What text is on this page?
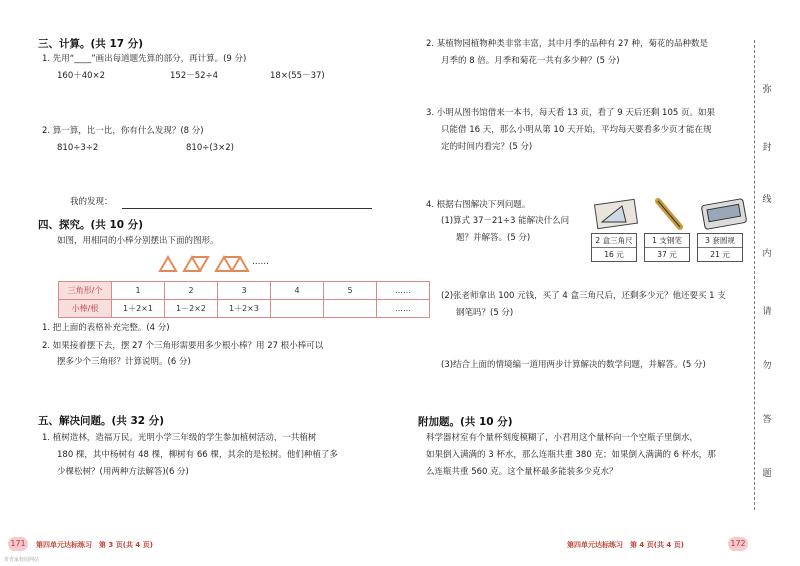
三、计算。(共 17 分)
1. 先用“____”画出每道题先算的部分，再计算。(9 分)
160＋40×2	152－52÷4	18×(55－37)
2. 算一算，比一比，你有什么发现？(8 分)
810÷3÷2	810÷(3×2)
我的发现：
四、探究。(共 10 分)
如图，用相同的小棒分别摆出下面的图形。
……
三角形/个	1	2	3	4	5	……
小棒/根	1＋2×1	1－2×2	1＋2×3			……
1. 把上面的表格补充完整。(4 分)
2. 如果接着摆下去，摆 27 个三角形需要用多少根小棒？用 27 根小棒可以
摆多少个三角形？计算说明。(6 分)
五、解决问题。(共 32 分)
1. 植树造林，造福万民。光明小学三年级的学生参加植树活动，一共植树
180 棵，其中杨树有 48 棵，柳树有 66 棵，其余的是松树。他们种植了多
少棵松树？(用两种方法解答)(6 分)
171	第四单元达标练习　第 3 页(共 4 页)
青青家校园网站
2. 某植物园植物种类非常丰富，其中月季的品种有 27 种，菊花的品种数是
月季的 8 倍。月季和菊花一共有多少种？(5 分)
3. 小明从图书馆借来一本书，每天看 13 页，看了 9 天后还剩 105 页。如果
只能借 16 天，那么小明从第 10 天开始，平均每天要看多少页才能在规
定的时间内看完？(5 分)
4. 根据右图解决下列问题。
(1)算式 37－21÷3 能解决什么问
题？并解答。(5 分)	2 盒三角尺
16 元
1 支钢笔
37 元
3 套圆规
21 元
(2)张老师拿出 100 元钱，买了 4 盒三角尺后，还剩多少元？他还要买 1 支
钢笔吗？(5 分)
(3)结合上面的情境编一道用两步计算解决的数学问题，并解答。(5 分)
附加题。(共 10 分)
科学器材室有个量杯刻度模糊了，小君用这个量杯向一个空瓶子里倒水，
如果倒入满满的 3 杯水，那么连瓶共重 380 克；如果倒入满满的 6 杯水，那
么连瓶共重 560 克。这个量杯最多能装多少克水？
第四单元达标练习　第 4 页(共 4 页)	172
弥
封
线
内
请
勿
答
题
